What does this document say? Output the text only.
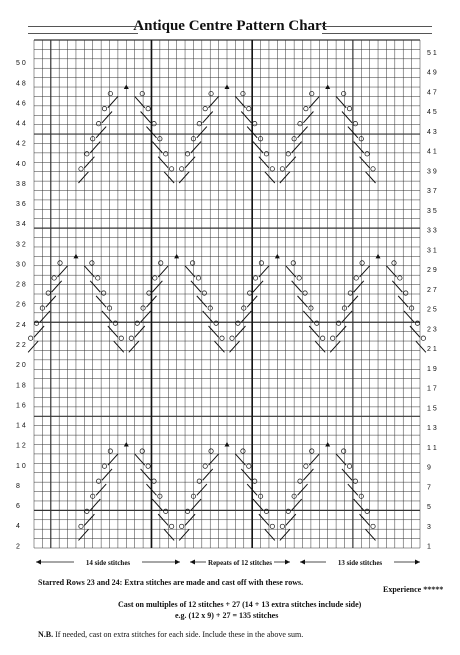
Antique Centre Pattern Chart
5 0
4 8
4 6
4 4
4 2
4 0
3 8
3 6
3 4
3 2
3 0
2 8
2 6
2 4
2 2
2 0
1 8
1 6
1 4
1 2
1 0
8
6
4
2
5 1
4 9
4 7
4 5
4 3
4 1
3 9
3 7
3 5
3 3
3 1
2 9
2 7
2 5
2 3
2 1
1 9
1 7
1 5
1 3
1 1
9
7
5
3
1
14 side stitches	Repeats of 12 stitches	13 side stitches
Starred Rows 23 and 24: Extra stitches are made and cast off with these rows.
Experience *****
Cast on multiples of 12 stitches + 27 (14 + 13 extra stitches include side)
e.g. (12 x 9) + 27 = 135 stitches
N.B. If needed, cast on extra stitches for each side. Include these in the above sum.
